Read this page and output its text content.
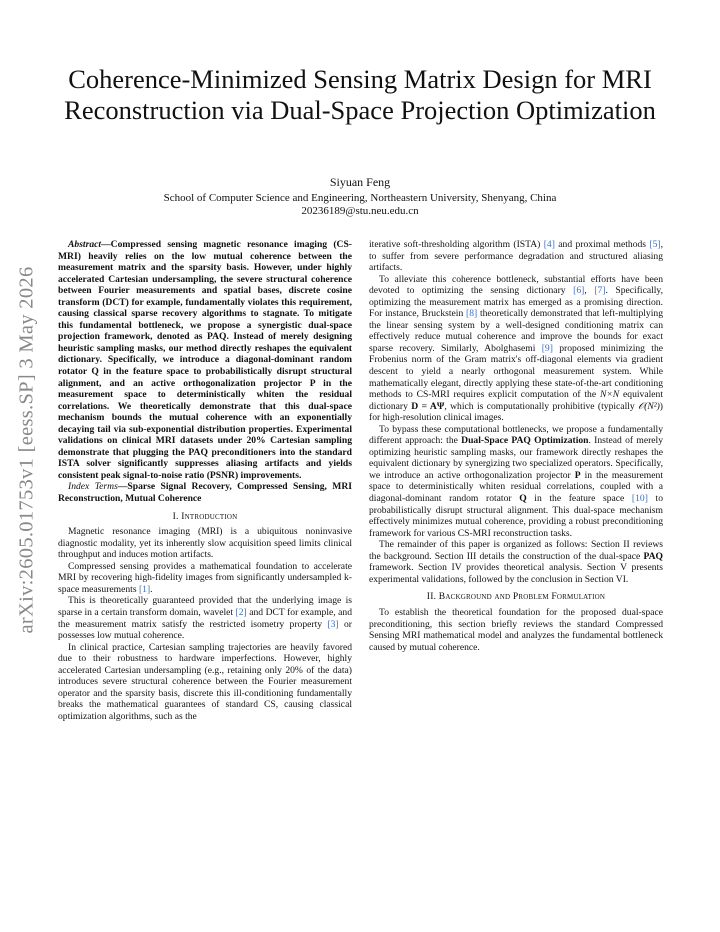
arXiv:2605.01753v1 [eess.SP] 3 May 2026
Coherence-Minimized Sensing Matrix Design for MRI Reconstruction via Dual-Space Projection Optimization
Siyuan Feng
School of Computer Science and Engineering, Northeastern University, Shenyang, China
20236189@stu.neu.edu.cn

Abstract—Compressed sensing magnetic resonance imaging (CS-MRI) heavily relies on the low mutual coherence between the measurement matrix and the sparsity basis. However, under highly accelerated Cartesian undersampling, the severe structural coherence between Fourier measurements and spatial bases, discrete cosine transform (DCT) for example, fundamentally violates this requirement, causing classical sparse recovery algorithms to stagnate. To mitigate this fundamental bottleneck, we propose a synergistic dual-space projection framework, denoted as PAQ. Instead of merely designing heuristic sampling masks, our method directly reshapes the equivalent dictionary. Specifically, we introduce a diagonal-dominant random rotator Q in the feature space to probabilistically disrupt structural alignment, and an active orthogonalization projector P in the measurement space to deterministically whiten the residual correlations. We theoretically demonstrate that this dual-space mechanism bounds the mutual coherence with an exponentially decaying tail via sub-exponential distribution properties. Experimental validations on clinical MRI datasets under 20% Cartesian sampling demonstrate that plugging the PAQ preconditioners into the standard ISTA solver significantly suppresses aliasing artifacts and yields consistent peak signal-to-noise ratio (PSNR) improvements.

Index Terms—Sparse Signal Recovery, Compressed Sensing, MRI Reconstruction, Mutual Coherence

I. Introduction

Magnetic resonance imaging (MRI) is a ubiquitous noninvasive diagnostic modality, yet its inherently slow acquisition speed limits clinical throughput and induces motion artifacts.

Compressed sensing provides a mathematical foundation to accelerate MRI by recovering high-fidelity images from significantly undersampled k-space measurements [1].

This is theoretically guaranteed provided that the underlying image is sparse in a certain transform domain, wavelet [2] and DCT for example, and the measurement matrix satisfy the restricted isometry property [3] or possesses low mutual coherence.

In clinical practice, Cartesian sampling trajectories are heavily favored due to their robustness to hardware imperfections. However, highly accelerated Cartesian undersampling (e.g., retaining only 20% of the data) introduces severe structural coherence between the Fourier measurement operator and the sparsity basis, discrete this ill-conditioning fundamentally breaks the mathematical guarantees of standard CS, causing classical optimization algorithms, such as the

iterative soft-thresholding algorithm (ISTA) [4] and proximal methods [5], to suffer from severe performance degradation and structured aliasing artifacts.

To alleviate this coherence bottleneck, substantial efforts have been devoted to optimizing the sensing dictionary [6], [7]. Specifically, optimizing the measurement matrix has emerged as a promising direction. For instance, Bruckstein [8] theoretically demonstrated that left-multiplying the linear sensing system by a well-designed conditioning matrix can effectively reduce mutual coherence and improve the bounds for exact sparse recovery. Similarly, Abolghasemi [9] proposed minimizing the Frobenius norm of the Gram matrix's off-diagonal elements via gradient descent to yield a nearly orthogonal measurement system. While mathematically elegant, directly applying these state-of-the-art conditioning methods to CS-MRI requires explicit computation of the N×N equivalent dictionary D = AΨ, which is computationally prohibitive (typically 𝒪(N²)) for high-resolution clinical images.

To bypass these computational bottlenecks, we propose a fundamentally different approach: the Dual-Space PAQ Optimization. Instead of merely optimizing heuristic sampling masks, our framework directly reshapes the equivalent dictionary by synergizing two specialized operators. Specifically, we introduce an active orthogonalization projector P in the measurement space to deterministically whiten residual correlations, coupled with a diagonal-dominant random rotator Q in the feature space [10] to probabilistically disrupt structural alignment. This dual-space mechanism effectively minimizes mutual coherence, providing a robust preconditioning framework for various CS-MRI reconstruction tasks.

The remainder of this paper is organized as follows: Section II reviews the background. Section III details the construction of the dual-space PAQ framework. Section IV provides theoretical analysis. Section V presents experimental validations, followed by the conclusion in Section VI.

II. Background and Problem Formulation

To establish the theoretical foundation for the proposed dual-space preconditioning, this section briefly reviews the standard Compressed Sensing MRI mathematical model and analyzes the fundamental bottleneck caused by mutual coherence.
